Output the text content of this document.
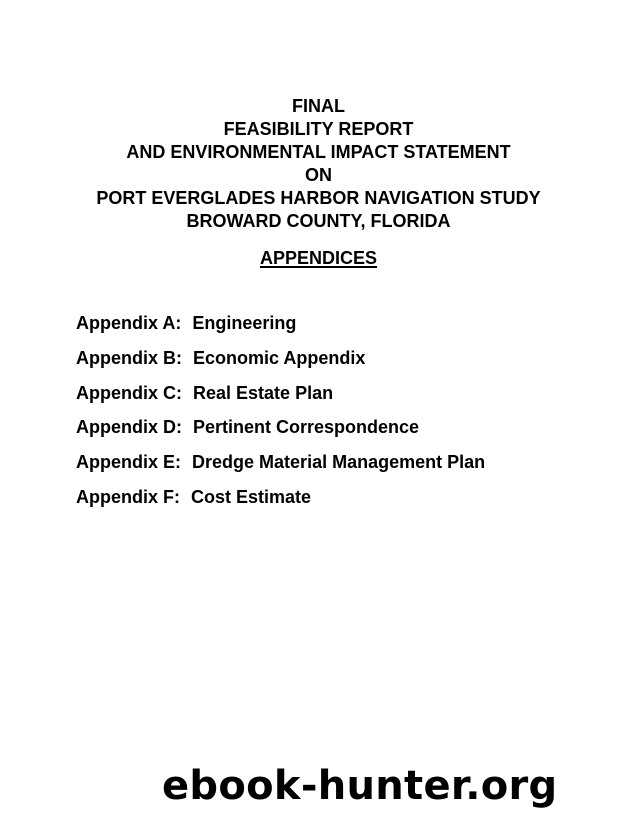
FINAL
FEASIBILITY REPORT
AND ENVIRONMENTAL IMPACT STATEMENT
ON
PORT EVERGLADES HARBOR NAVIGATION STUDY
BROWARD COUNTY, FLORIDA
APPENDICES
Appendix A: Engineering
Appendix B: Economic Appendix
Appendix C: Real Estate Plan
Appendix D: Pertinent Correspondence
Appendix E: Dredge Material Management Plan
Appendix F: Cost Estimate
ebook-hunter.org
